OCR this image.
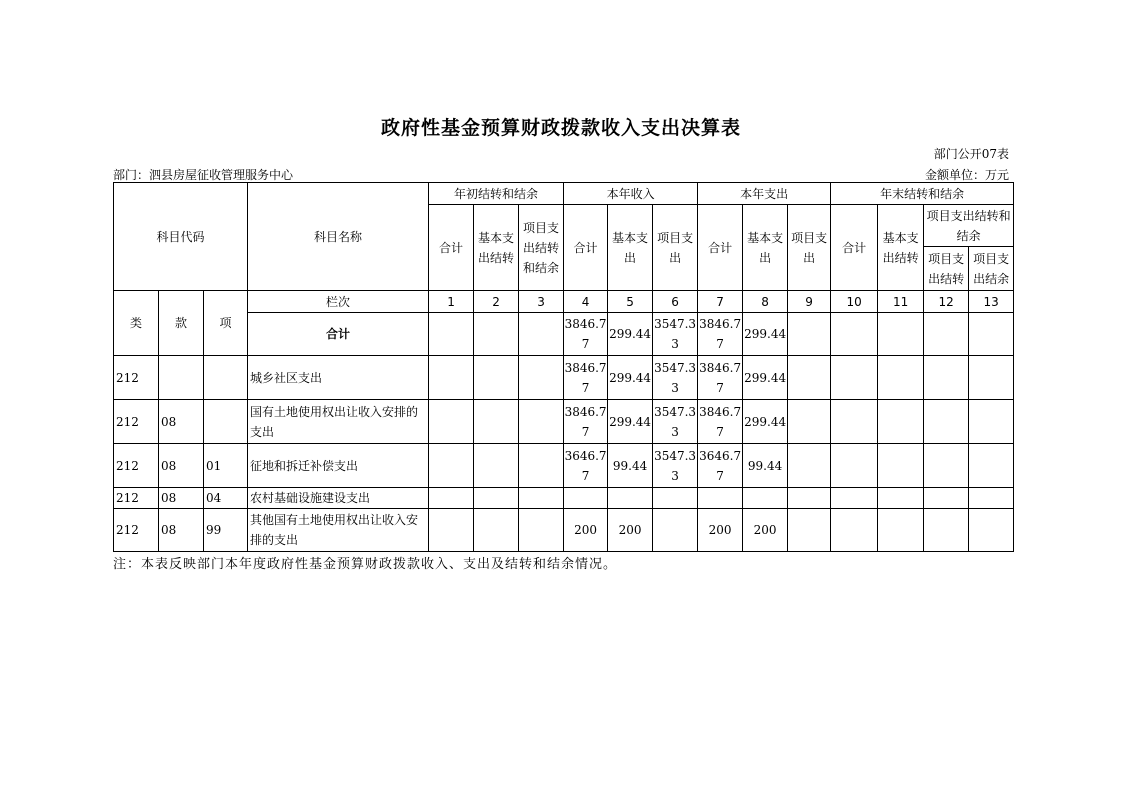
政府性基金预算财政拨款收入支出决算表
部门公开07表
部门：泗县房屋征收管理服务中心	金额单位：万元
科目代码			科目名称	年初结转和结余			本年收入			本年支出			年末结转和结余			
				合计	基本支出结转	项目支出结转和结余	合计	基本支出	项目支出	合计	基本支出	项目支出	合计	基本支出结转	项目支出结转和结余	
															项目支出结转	项目支出结余

类	款	项	栏次	1	2	3	4	5	6	7	8	9	10	11	12	13
			合计				3846.77	299.44	3547.33	3846.77	299.44					
212			城乡社区支出				3846.77	299.44	3547.33	3846.77	299.44					
212	08		国有土地使用权出让收入安排的支出				3846.77	299.44	3547.33	3846.77	299.44					
212	08	01	征地和拆迁补偿支出				3646.77	99.44	3547.33	3646.77	99.44					
212	08	04	农村基础设施建设支出													
212	08	99	其他国有土地使用权出让收入安排的支出				200	200		200	200					
注：本表反映部门本年度政府性基金预算财政拨款收入、支出及结转和结余情况。
